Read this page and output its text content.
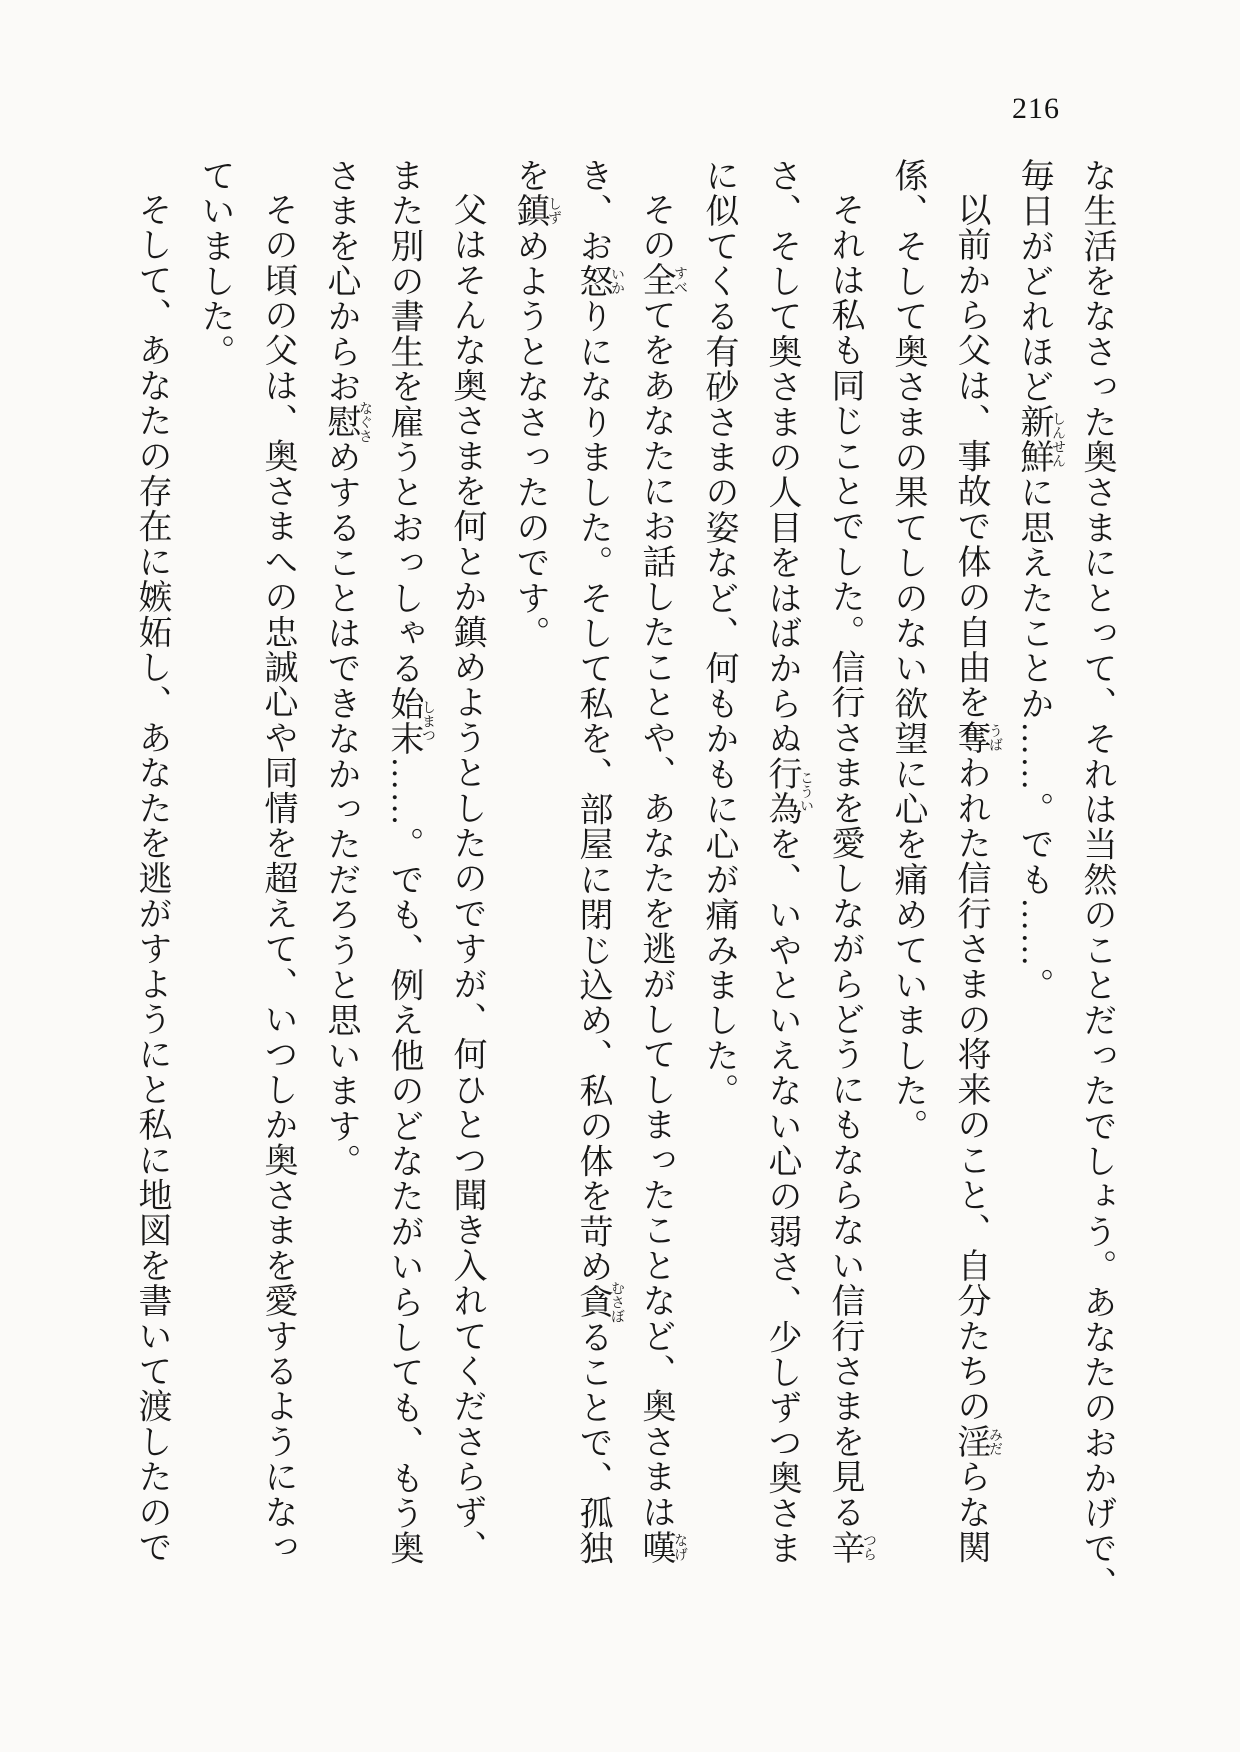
216

な生活をなさった奥さまにとって、それは当然のことだったでしょう。あなたのおかげで、

毎日がどれほど新鮮しんせんに思えたことか……。でも……。

以前から父は、事故で体の自由を奪うばわれた信行さまの将来のこと、自分たちの淫みだらな関

係、そして奥さまの果てしのない欲望に心を痛めていました。

それは私も同じことでした。信行さまを愛しながらどうにもならない信行さまを見る辛つら

さ、そして奥さまの人目をはばからぬ行為こういを、いやといえない心の弱さ、少しずつ奥さま

に似てくる有砂さまの姿など、何もかもに心が痛みました。

その全すべてをあなたにお話したことや、あなたを逃がしてしまったことなど、奥さまは嘆なげ

き、お怒いかりになりました。そして私を、部屋に閉じ込め、私の体を苛め貪むさぼることで、孤独

を鎮しずめようとなさったのです。

父はそんな奥さまを何とか鎮めようとしたのですが、何ひとつ聞き入れてくださらず、

また別の書生を雇うとおっしゃる始末しまつ……。でも、例え他のどなたがいらしても、もう奥

さまを心からお慰なぐさめすることはできなかっただろうと思います。

その頃の父は、奥さまへの忠誠心や同情を超えて、いつしか奥さまを愛するようになっ

ていました。

そして、あなたの存在に嫉妬し、あなたを逃がすようにと私に地図を書いて渡したので
